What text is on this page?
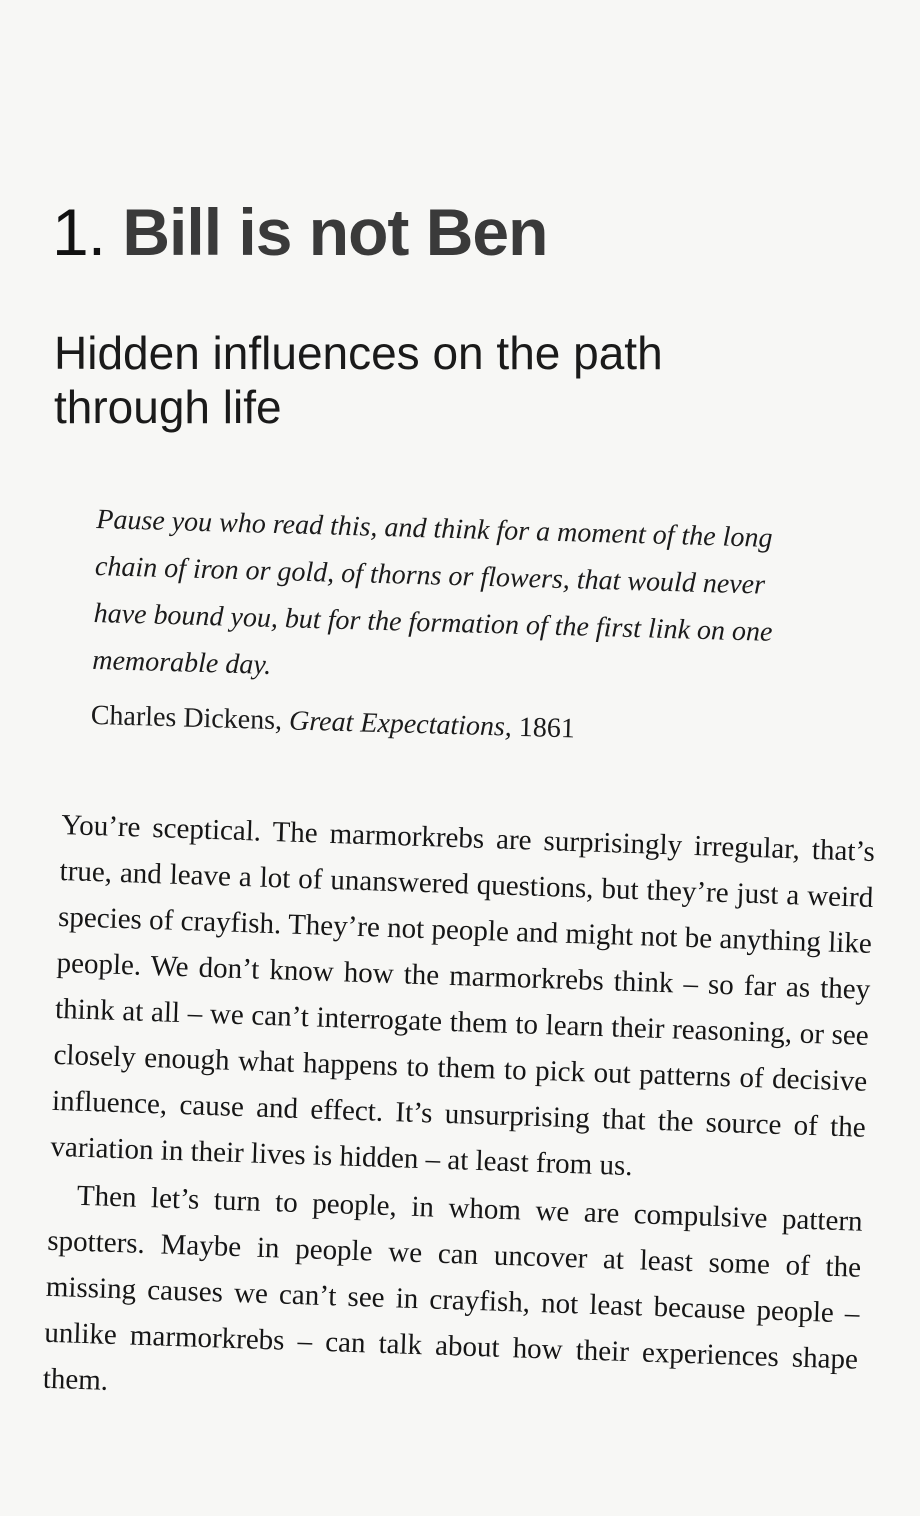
1. Bill is not Ben
Hidden influences on the path through life

Pause you who read this, and think for a moment of the long chain of iron or gold, of thorns or flowers, that would never have bound you, but for the formation of the first link on one memorable day.

Charles Dickens, Great Expectations, 1861

You’re sceptical. The marmorkrebs are surprisingly irregular, that’s true, and leave a lot of unanswered questions, but they’re just a weird species of crayfish. They’re not people and might not be anything like people. We don’t know how the marmorkrebs think – so far as they think at all – we can’t interrogate them to learn their reasoning, or see closely enough what happens to them to pick out patterns of decisive influence, cause and effect. It’s unsurprising that the source of the variation in their lives is hidden – at least from us.

Then let’s turn to people, in whom we are compulsive pattern spotters. Maybe in people we can uncover at least some of the missing causes we can’t see in crayfish, not least because people – unlike marmorkrebs – can talk about how their experiences shape them.
